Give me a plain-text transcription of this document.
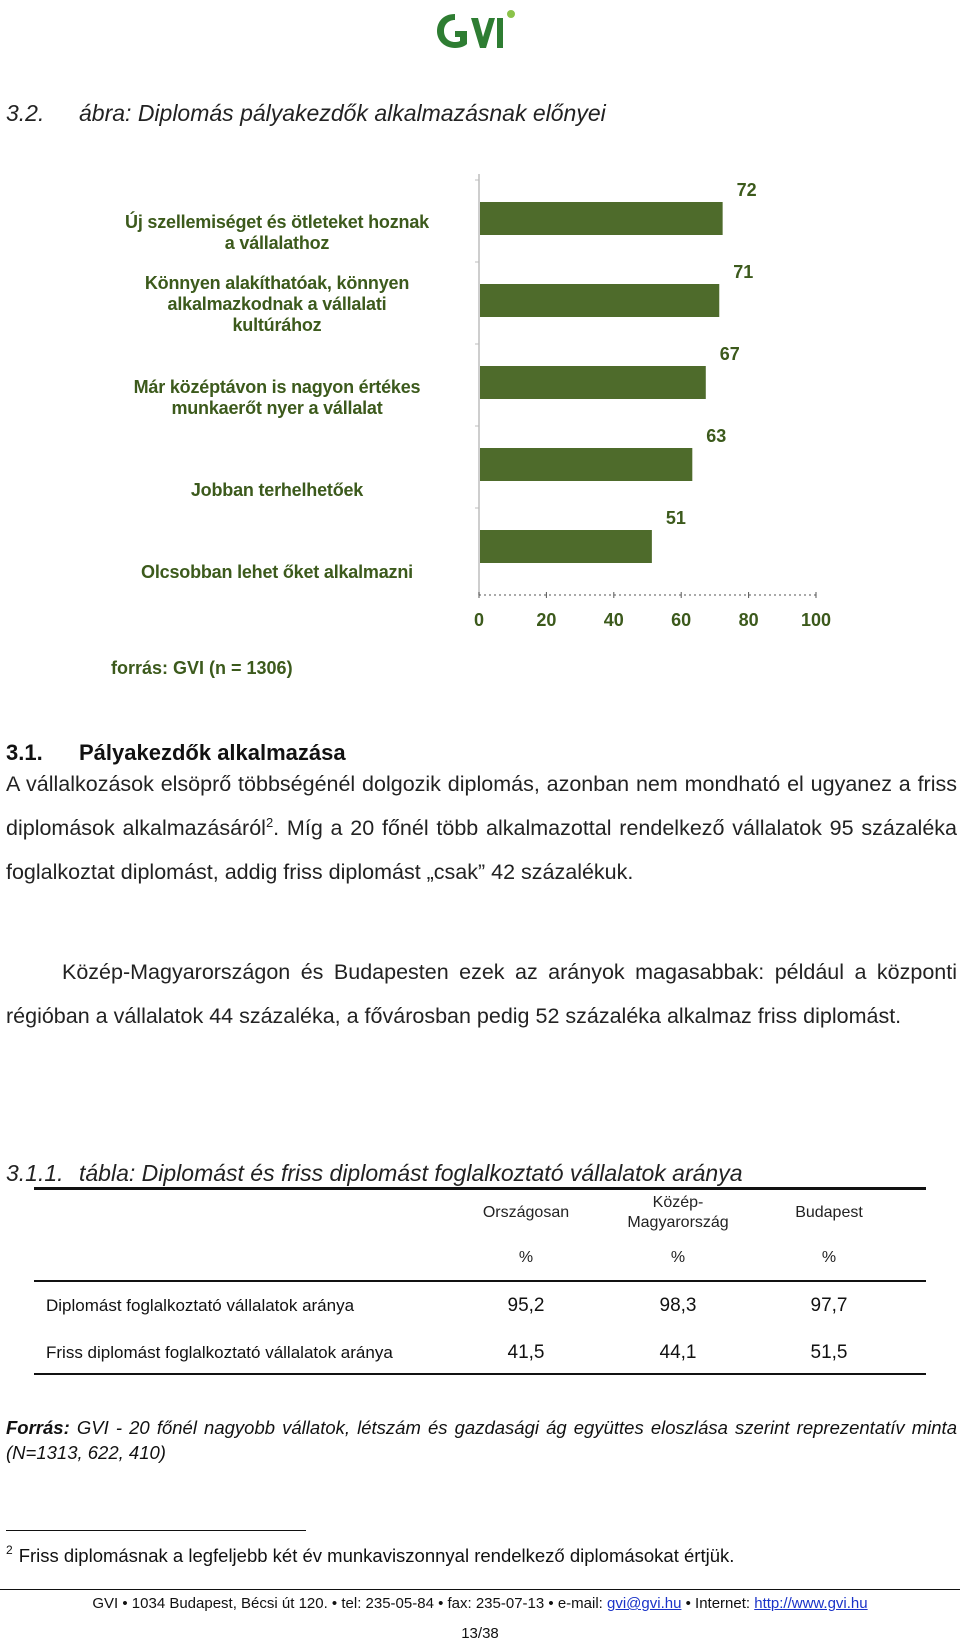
3.2. ábra: Diplomás pályakezdők alkalmazásnak előnyei
Új szellemiséget és ötleteket hoznak
a vállalathoz
Könnyen alakíthatóak, könnyen
alkalmazkodnak a vállalati
kultúrához
Már középtávon is nagyon értékes
munkaerőt nyer a vállalat
Jobban terhelhetőek
Olcsobban lehet őket alkalmazni
72
71
67
63
51
0	20	40	60	80 100
forrás: GVI (n = 1306)
3.1. Pályakezdők alkalmazása

A vállalkozások elsöprő többségénél dolgozik diplomás, azonban nem mondható el ugyanez a friss diplomások alkalmazásáról$^2$. Míg a 20 főnél több alkalmazottal rendelkező vállalatok 95 százaléka foglalkoztat diplomást, addig friss diplomást „csak” 42 százalékuk.

Közép-Magyarországon és Budapesten ezek az arányok magasabbak: például a központi régióban a vállalatok 44 százaléka, a fővárosban pedig 52 százaléka alkalmaz friss diplomást.

3.1.1. tábla: Diplomást és friss diplomást foglalkoztató vállalatok aránya
Országosan
Közép-
Magyarország
Budapest
%	%	%
Diplomást foglalkoztató vállalatok aránya	95,2	98,3	97,7
Friss diplomást foglalkoztató vállalatok aránya	41,5	44,1	51,5

Forrás: GVI - 20 főnél nagyobb vállatok, létszám és gazdasági ág együttes eloszlása szerint reprezentatív minta (N=1313, 622, 410)

$^2$ Friss diplomásnak a legfeljebb két év munkaviszonnyal rendelkező diplomásokat értjük.
GVI • 1034 Budapest, Bécsi út 120. • tel: 235-05-84 • fax: 235-07-13 • e-mail: gvi@gvi.hu • Internet: http://www.gvi.hu
13/38
